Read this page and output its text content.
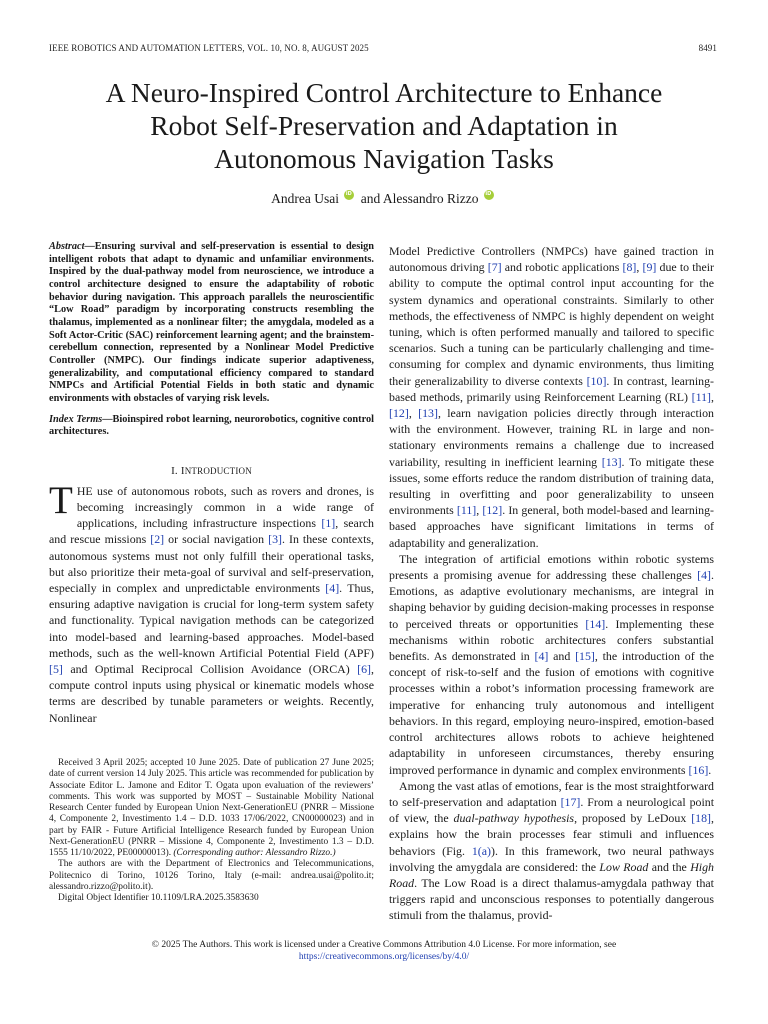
IEEE ROBOTICS AND AUTOMATION LETTERS, VOL. 10, NO. 8, AUGUST 2025	8491
A Neuro-Inspired Control Architecture to Enhance
Robot Self-Preservation and Adaptation in
Autonomous Navigation Tasks
Andrea Usai iD and Alessandro Rizzo iD

Abstract—Ensuring survival and self-preservation is essential to design intelligent robots that adapt to dynamic and unfamiliar environments. Inspired by the dual-pathway model from neuroscience, we introduce a control architecture designed to ensure the adaptability of robotic behavior during navigation. This approach parallels the neuroscientific “Low Road” paradigm by incorporating constructs resembling the thalamus, implemented as a nonlinear filter; the amygdala, modeled as a Soft Actor-Critic (SAC) reinforcement learning agent; and the brainstem-cerebellum connection, represented by a Nonlinear Model Predictive Controller (NMPC). Our findings indicate superior adaptiveness, generalizability, and computational efficiency compared to standard NMPCs and Artificial Potential Fields in both static and dynamic environments with obstacles of varying risk levels.

Index Terms—Bioinspired robot learning, neurorobotics, cognitive control architectures.

I. INTRODUCTION

THE use of autonomous robots, such as rovers and drones, is becoming increasingly common in a wide range of applications, including infrastructure inspections [1], search and rescue missions [2] or social navigation [3]. In these contexts, autonomous systems must not only fulfill their operational tasks, but also prioritize their meta-goal of survival and self-preservation, especially in complex and unpredictable environments [4]. Thus, ensuring adaptive navigation is crucial for long-term system safety and functionality. Typical navigation methods can be categorized into model-based and learning-based approaches. Model-based methods, such as the well-known Artificial Potential Field (APF) [5] and Optimal Reciprocal Collision Avoidance (ORCA) [6], compute control inputs using physical or kinematic models whose terms are described by tunable parameters or weights. Recently, Nonlinear

Received 3 April 2025; accepted 10 June 2025. Date of publication 27 June 2025; date of current version 14 July 2025. This article was recommended for publication by Associate Editor L. Jamone and Editor T. Ogata upon evaluation of the reviewers’ comments. This work was supported by MOST – Sustainable Mobility National Research Center funded by European Union Next-GenerationEU (PNRR – Missione 4, Componente 2, Investimento 1.4 – D.D. 1033 17/06/2022, CN00000023) and in part by FAIR - Future Artificial Intelligence Research funded by European Union Next-GenerationEU (PNRR – Missione 4, Componente 2, Investimento 1.3 – D.D. 1555 11/10/2022, PE00000013). (Corresponding author: Alessandro Rizzo.)

The authors are with the Department of Electronics and Telecommunications, Politecnico di Torino, 10126 Torino, Italy (e-mail: andrea.usai@polito.it; alessandro.rizzo@polito.it).

Digital Object Identifier 10.1109/LRA.2025.3583630

Model Predictive Controllers (NMPCs) have gained traction in autonomous driving [7] and robotic applications [8], [9] due to their ability to compute the optimal control input accounting for the system dynamics and operational constraints. Similarly to other methods, the effectiveness of NMPC is highly dependent on weight tuning, which is often performed manually and tailored to specific scenarios. Such a tuning can be particularly challenging and time-consuming for complex and dynamic environments, thus limiting their generalizability to diverse contexts [10]. In contrast, learning-based methods, primarily using Reinforcement Learning (RL) [11], [12], [13], learn navigation policies directly through interaction with the environment. However, training RL in large and non-stationary environments remains a challenge due to increased variability, resulting in inefficient learning [13]. To mitigate these issues, some efforts reduce the random distribution of training data, resulting in overfitting and poor generalizability to unseen environments [11], [12]. In general, both model-based and learning-based approaches have significant limitations in terms of adaptability and generalization.

The integration of artificial emotions within robotic systems presents a promising avenue for addressing these challenges [4]. Emotions, as adaptive evolutionary mechanisms, are integral in shaping behavior by guiding decision-making processes in response to perceived threats or opportunities [14]. Implementing these mechanisms within robotic architectures confers substantial benefits. As demonstrated in [4] and [15], the introduction of the concept of risk-to-self and the fusion of emotions with cognitive processes within a robot’s information processing framework are imperative for enhancing truly autonomous and intelligent behaviors. In this regard, employing neuro-inspired, emotion-based control architectures allows robots to achieve heightened adaptability in unforeseen circumstances, thereby ensuring improved performance in dynamic and complex environments [16].

Among the vast atlas of emotions, fear is the most straightforward to self-preservation and adaptation [17]. From a neurological point of view, the dual-pathway hypothesis, proposed by LeDoux [18], explains how the brain processes fear stimuli and influences behaviors (Fig. 1(a)). In this framework, two neural pathways involving the amygdala are considered: the Low Road and the High Road. The Low Road is a direct thalamus-amygdala pathway that triggers rapid and unconscious responses to potentially dangerous stimuli from the thalamus, provid-

© 2025 The Authors. This work is licensed under a Creative Commons Attribution 4.0 License. For more information, see
https://creativecommons.org/licenses/by/4.0/
